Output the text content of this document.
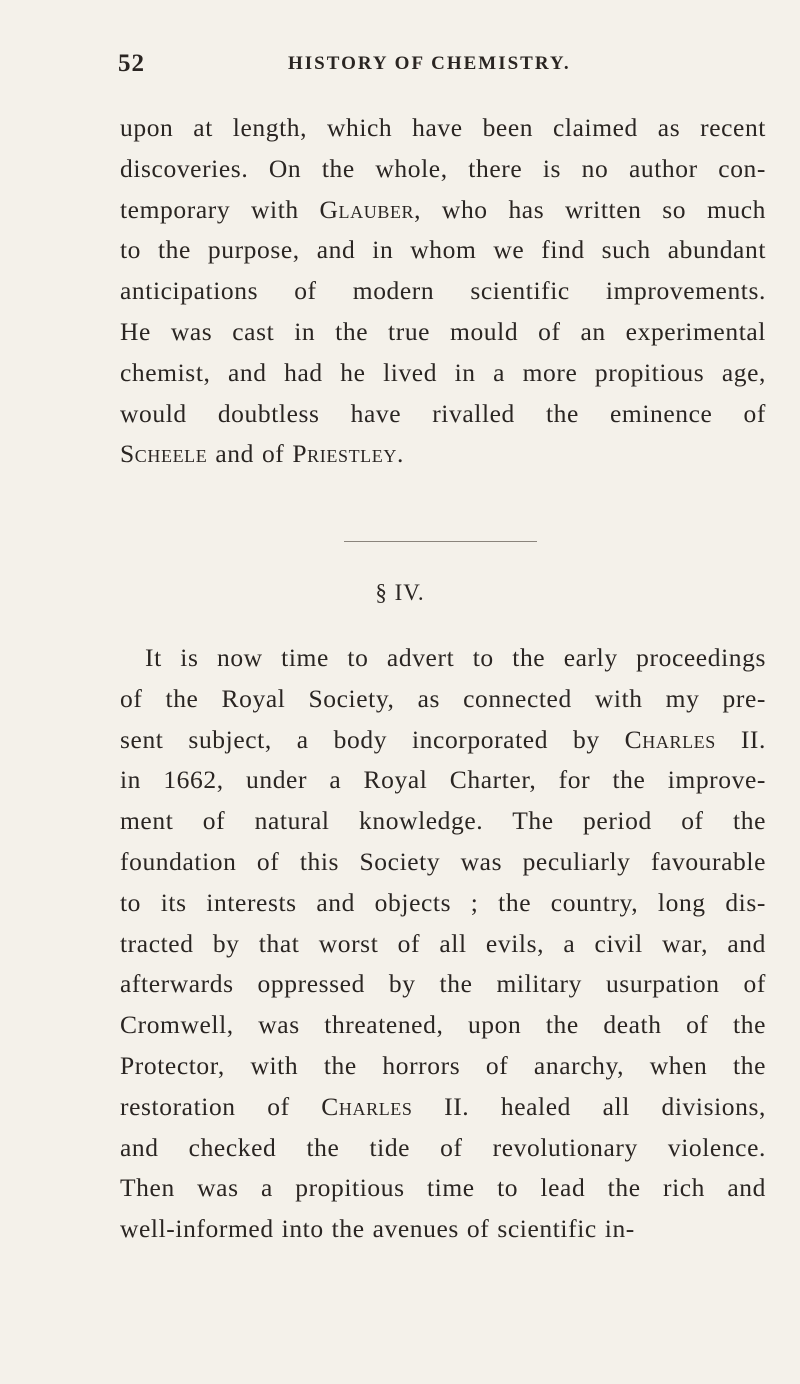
52	HISTORY OF CHEMISTRY.
upon at length, which have been claimed as recent
discoveries. On the whole, there is no author con-
temporary with Glauber, who has written so much
to the purpose, and in whom we find such abundant
anticipations of modern scientific improvements.
He was cast in the true mould of an experimental
chemist, and had he lived in a more propitious age,
would doubtless have rivalled the eminence of
Scheele and of Priestley.
§ IV.
It is now time to advert to the early proceedings
of the Royal Society, as connected with my pre-
sent subject, a body incorporated by Charles II.
in 1662, under a Royal Charter, for the improve-
ment of natural knowledge. The period of the
foundation of this Society was peculiarly favourable
to its interests and objects ; the country, long dis-
tracted by that worst of all evils, a civil war, and
afterwards oppressed by the military usurpation of
Cromwell, was threatened, upon the death of the
Protector, with the horrors of anarchy, when the
restoration of Charles II. healed all divisions,
and checked the tide of revolutionary violence.
Then was a propitious time to lead the rich and
well-informed into the avenues of scientific in-
